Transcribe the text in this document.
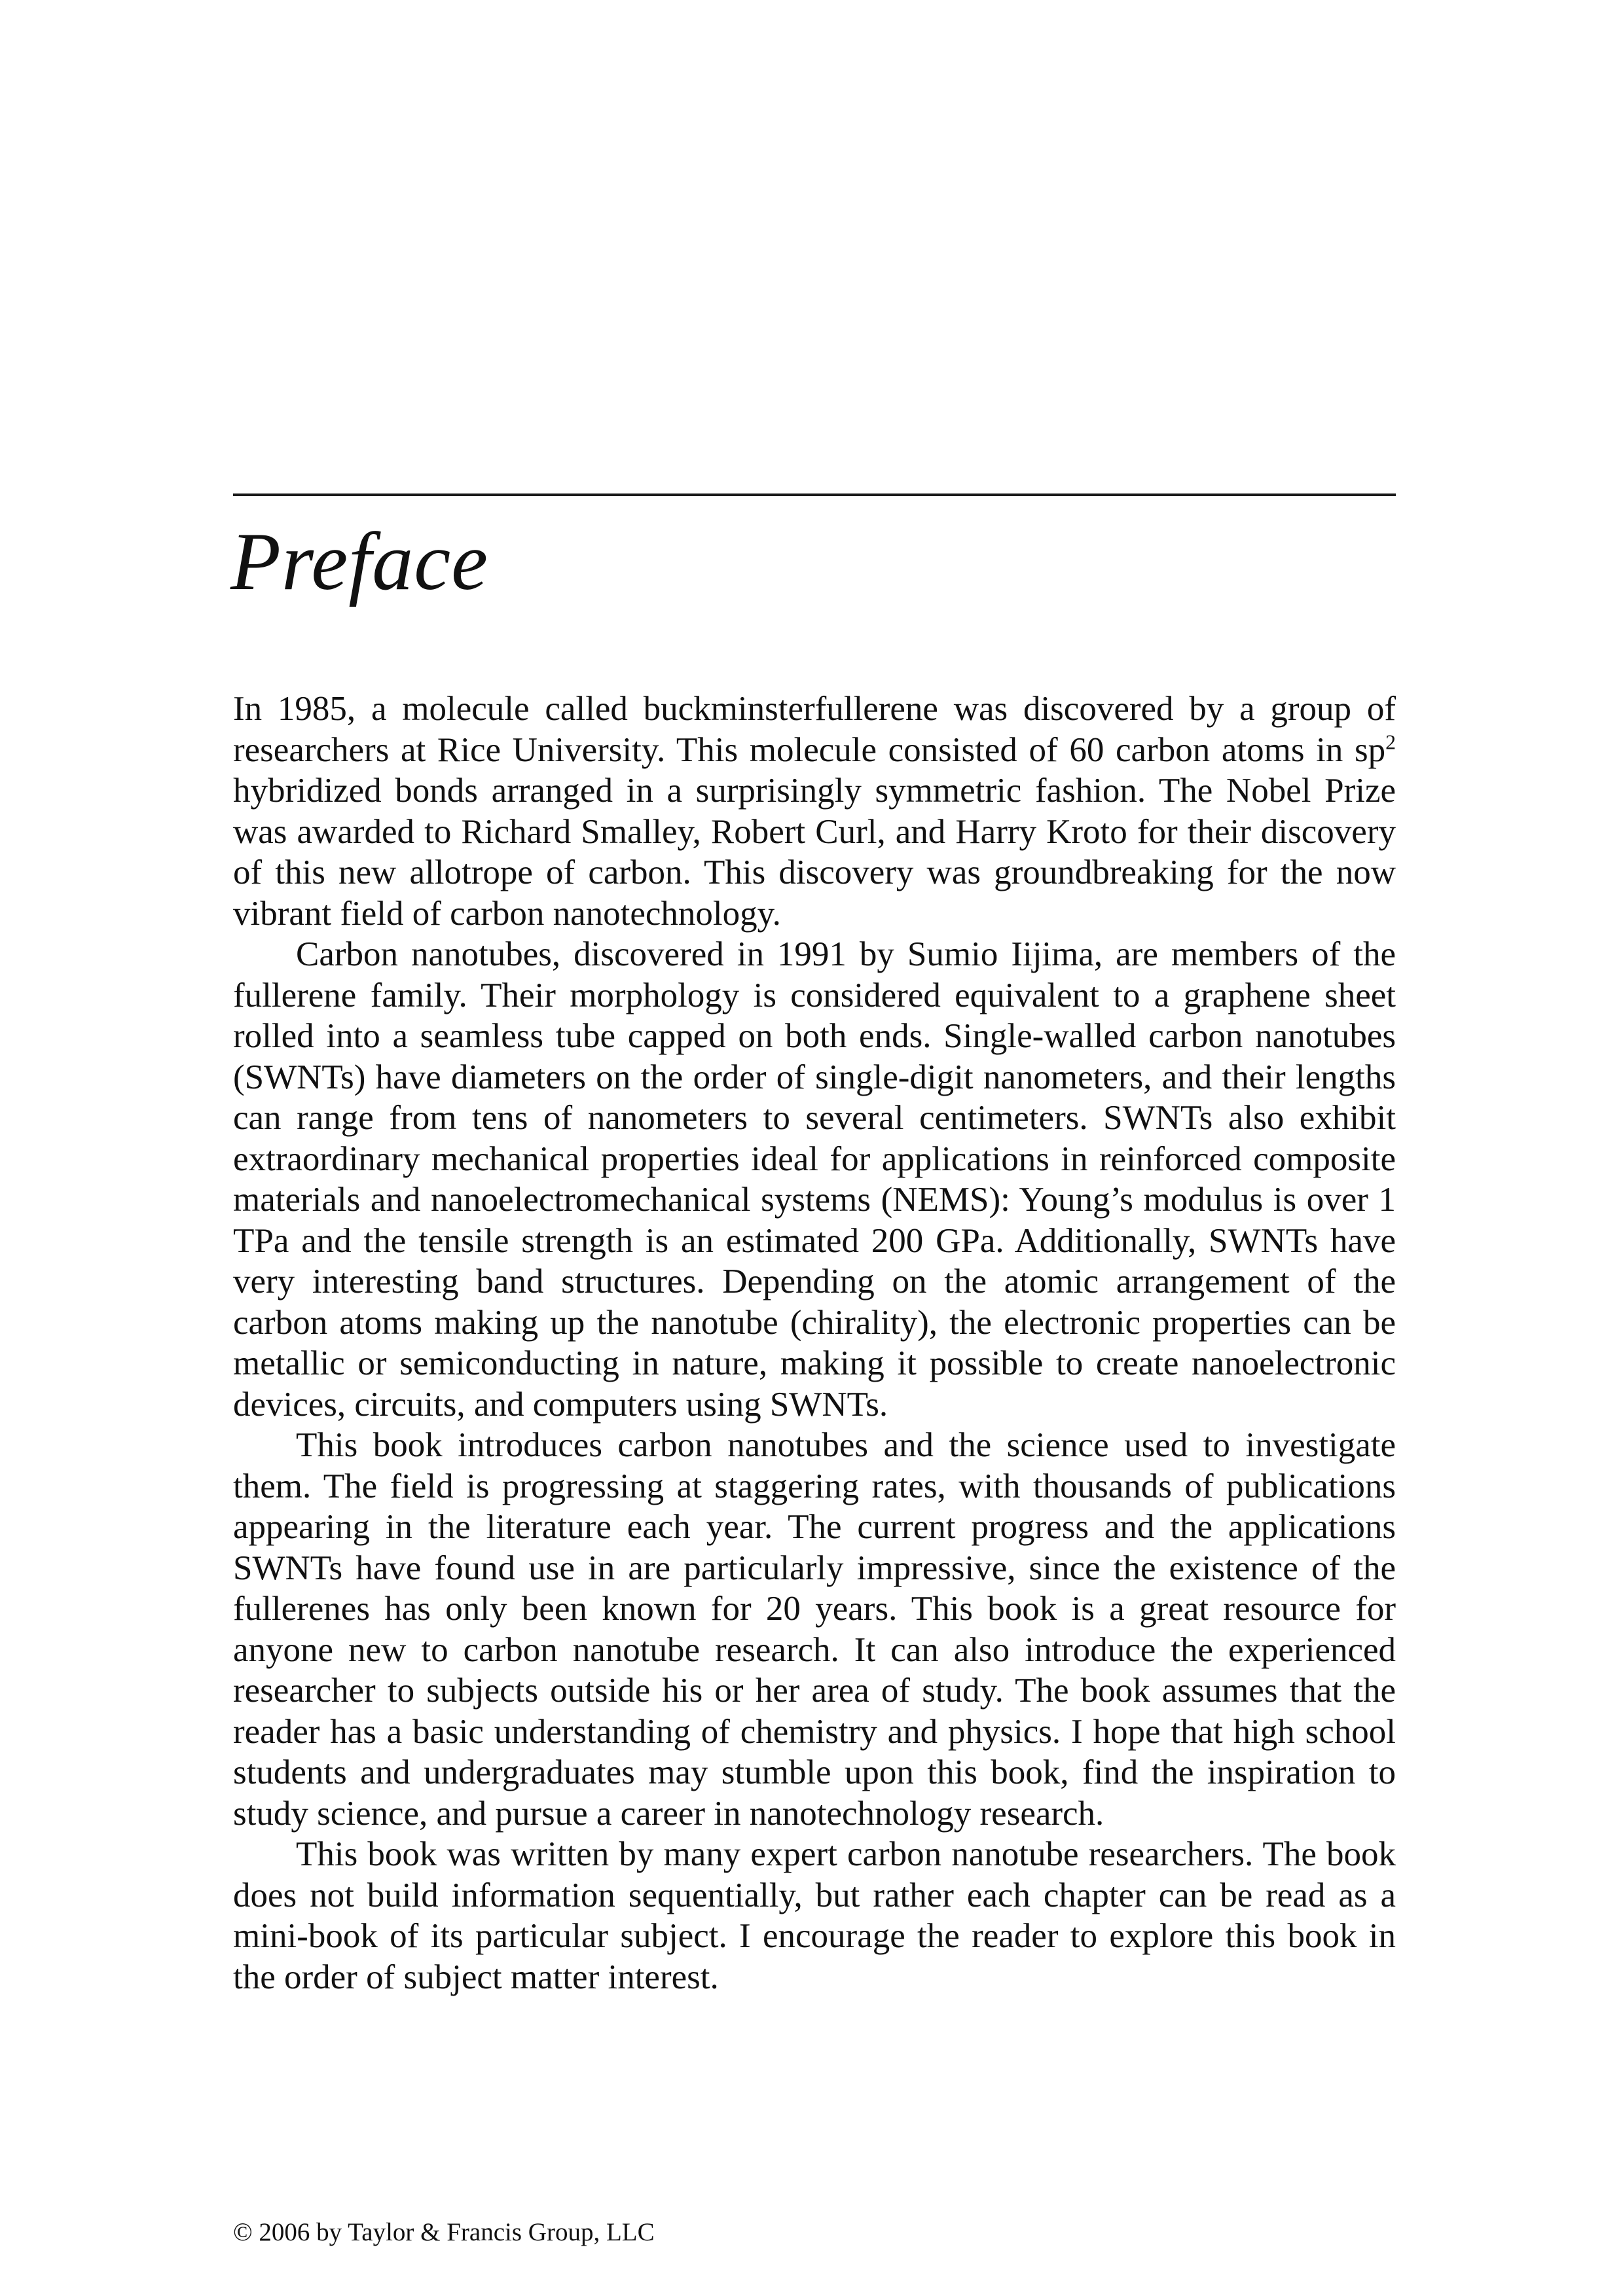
Preface

In 1985, a molecule called buckminsterfullerene was discovered by a group of researchers at Rice University. This molecule consisted of 60 carbon atoms in $sp^2$ hybridized bonds arranged in a surprisingly symmetric fashion. The Nobel Prize was awarded to Richard Smalley, Robert Curl, and Harry Kroto for their discovery of this new allotrope of carbon. This discovery was groundbreaking for the now vibrant field of carbon nanotechnology.

Carbon nanotubes, discovered in 1991 by Sumio Iijima, are members of the fullerene family. Their morphology is considered equivalent to a graphene sheet rolled into a seamless tube capped on both ends. Single-walled carbon nanotubes (SWNTs) have diameters on the order of single-digit nanometers, and their lengths can range from tens of nanometers to several centimeters. SWNTs also exhibit extraordinary mechanical properties ideal for applications in reinforced composite materials and nanoelectromechanical systems (NEMS): Young’s modulus is over 1 TPa and the tensile strength is an estimated 200 GPa. Additionally, SWNTs have very interesting band structures. Depending on the atomic arrangement of the carbon atoms making up the nanotube (chirality), the electronic properties can be metallic or semiconducting in nature, making it possible to create nanoelectronic devices, circuits, and computers using SWNTs.

This book introduces carbon nanotubes and the science used to investigate them. The field is progressing at staggering rates, with thousands of publications appearing in the literature each year. The current progress and the applications SWNTs have found use in are particularly impressive, since the existence of the fullerenes has only been known for 20 years. This book is a great resource for anyone new to carbon nanotube research. It can also introduce the experienced researcher to subjects outside his or her area of study. The book assumes that the reader has a basic understanding of chemistry and physics. I hope that high school students and undergraduates may stumble upon this book, find the inspiration to study science, and pursue a career in nanotechnology research.

This book was written by many expert carbon nanotube researchers. The book does not build information sequentially, but rather each chapter can be read as a mini-book of its particular subject. I encourage the reader to explore this book in the order of subject matter interest.

© 2006 by Taylor & Francis Group, LLC
